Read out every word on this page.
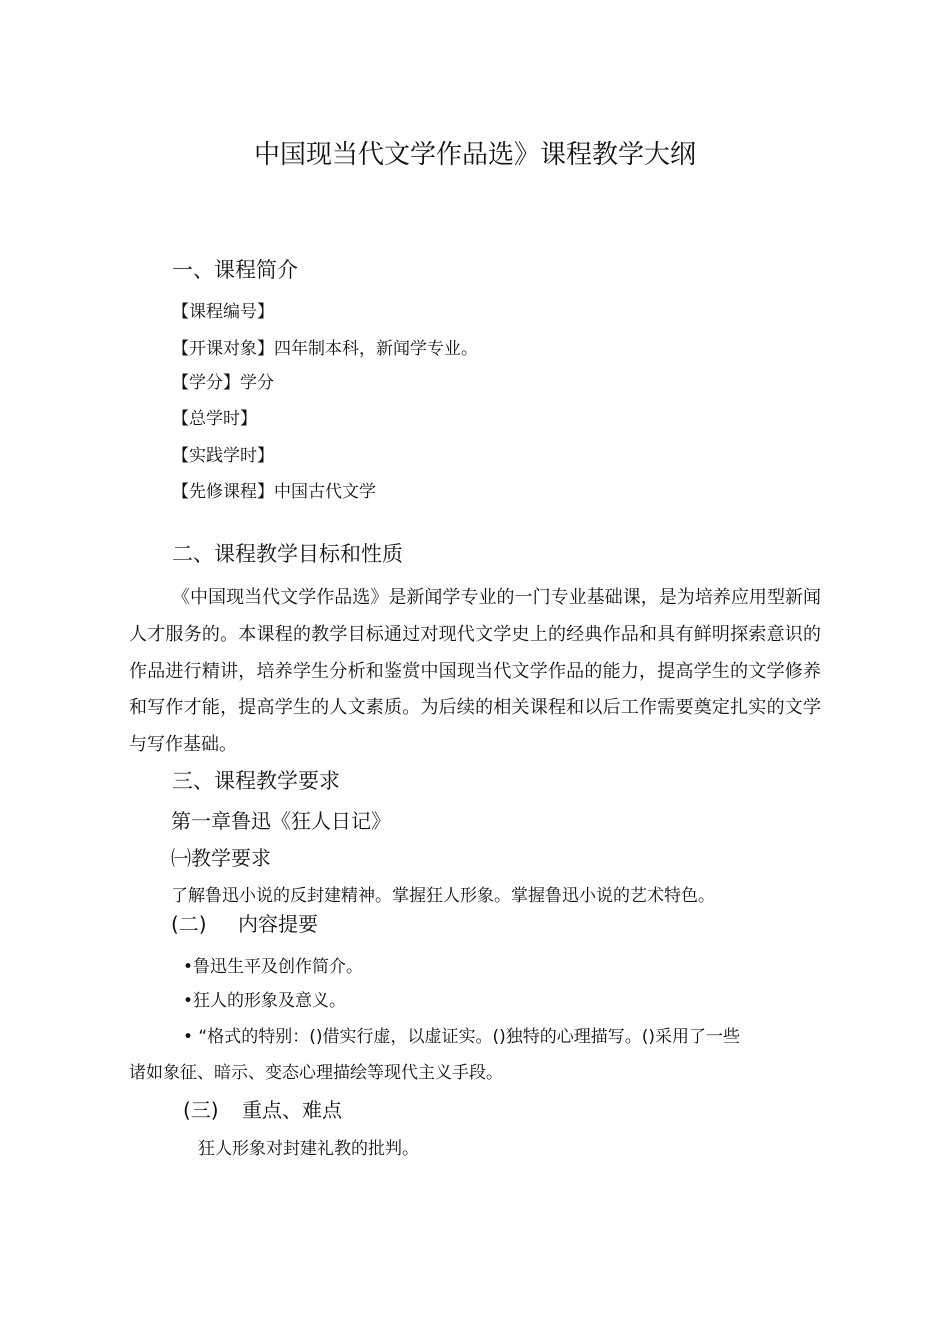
中国现当代文学作品选》课程教学大纲
一、课程简介
【课程编号】
【开课对象】四年制本科，新闻学专业。
【学分】学分
【总学时】
【实践学时】
【先修课程】中国古代文学
二、课程教学目标和性质
《中国现当代文学作品选》是新闻学专业的一门专业基础课，是为培养应用型新闻人才服务的。本课程的教学目标通过对现代文学史上的经典作品和具有鲜明探索意识的作品进行精讲，培养学生分析和鉴赏中国现当代文学作品的能力，提高学生的文学修养和写作才能，提高学生的人文素质。为后续的相关课程和以后工作需要奠定扎实的文学与写作基础。
三、课程教学要求
第一章鲁迅《狂人日记》
㈠教学要求
了解鲁迅小说的反封建精神。掌握狂人形象。掌握鲁迅小说的艺术特色。
(二) 内容提要
•鲁迅生平及创作简介。
•狂人的形象及意义。
• “格式的特别：()借实行虚，以虚证实。()独特的心理描写。()采用了一些
诸如象征、暗示、变态心理描绘等现代主义手段。
(三) 重点、难点
狂人形象对封建礼教的批判。
